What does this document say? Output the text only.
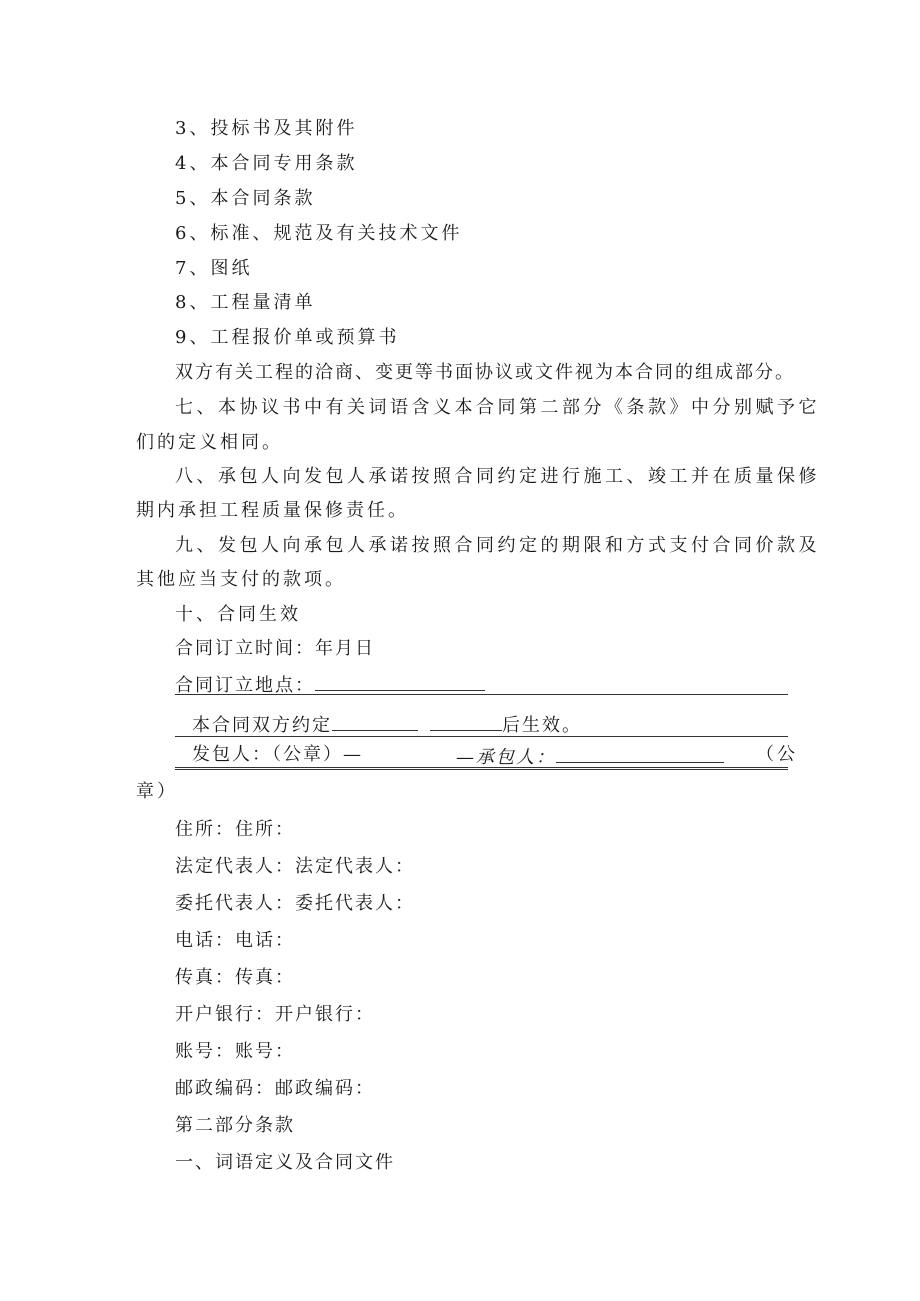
3、投标书及其附件
4、本合同专用条款
5、本合同条款
6、标准、规范及有关技术文件
7、图纸
8、工程量清单
9、工程报价单或预算书
双方有关工程的洽商、变更等书面协议或文件视为本合同的组成部分。
七、本协议书中有关词语含义本合同第二部分《条款》中分别赋予它
们的定义相同。
八、承包人向发包人承诺按照合同约定进行施工、竣工并在质量保修
期内承担工程质量保修责任。
九、发包人向承包人承诺按照合同约定的期限和方式支付合同价款及
其他应当支付的款项。
十、合同生效
合同订立时间：年月日
合同订立地点：
本合同双方约定	后生效。
发包人：（公章）—	—承包人：	（公
章）
住所：住所：
法定代表人：法定代表人：
委托代表人：委托代表人：
电话：电话：
传真：传真：
开户银行：开户银行：
账号：账号：
邮政编码：邮政编码：
第二部分条款
一、词语定义及合同文件
